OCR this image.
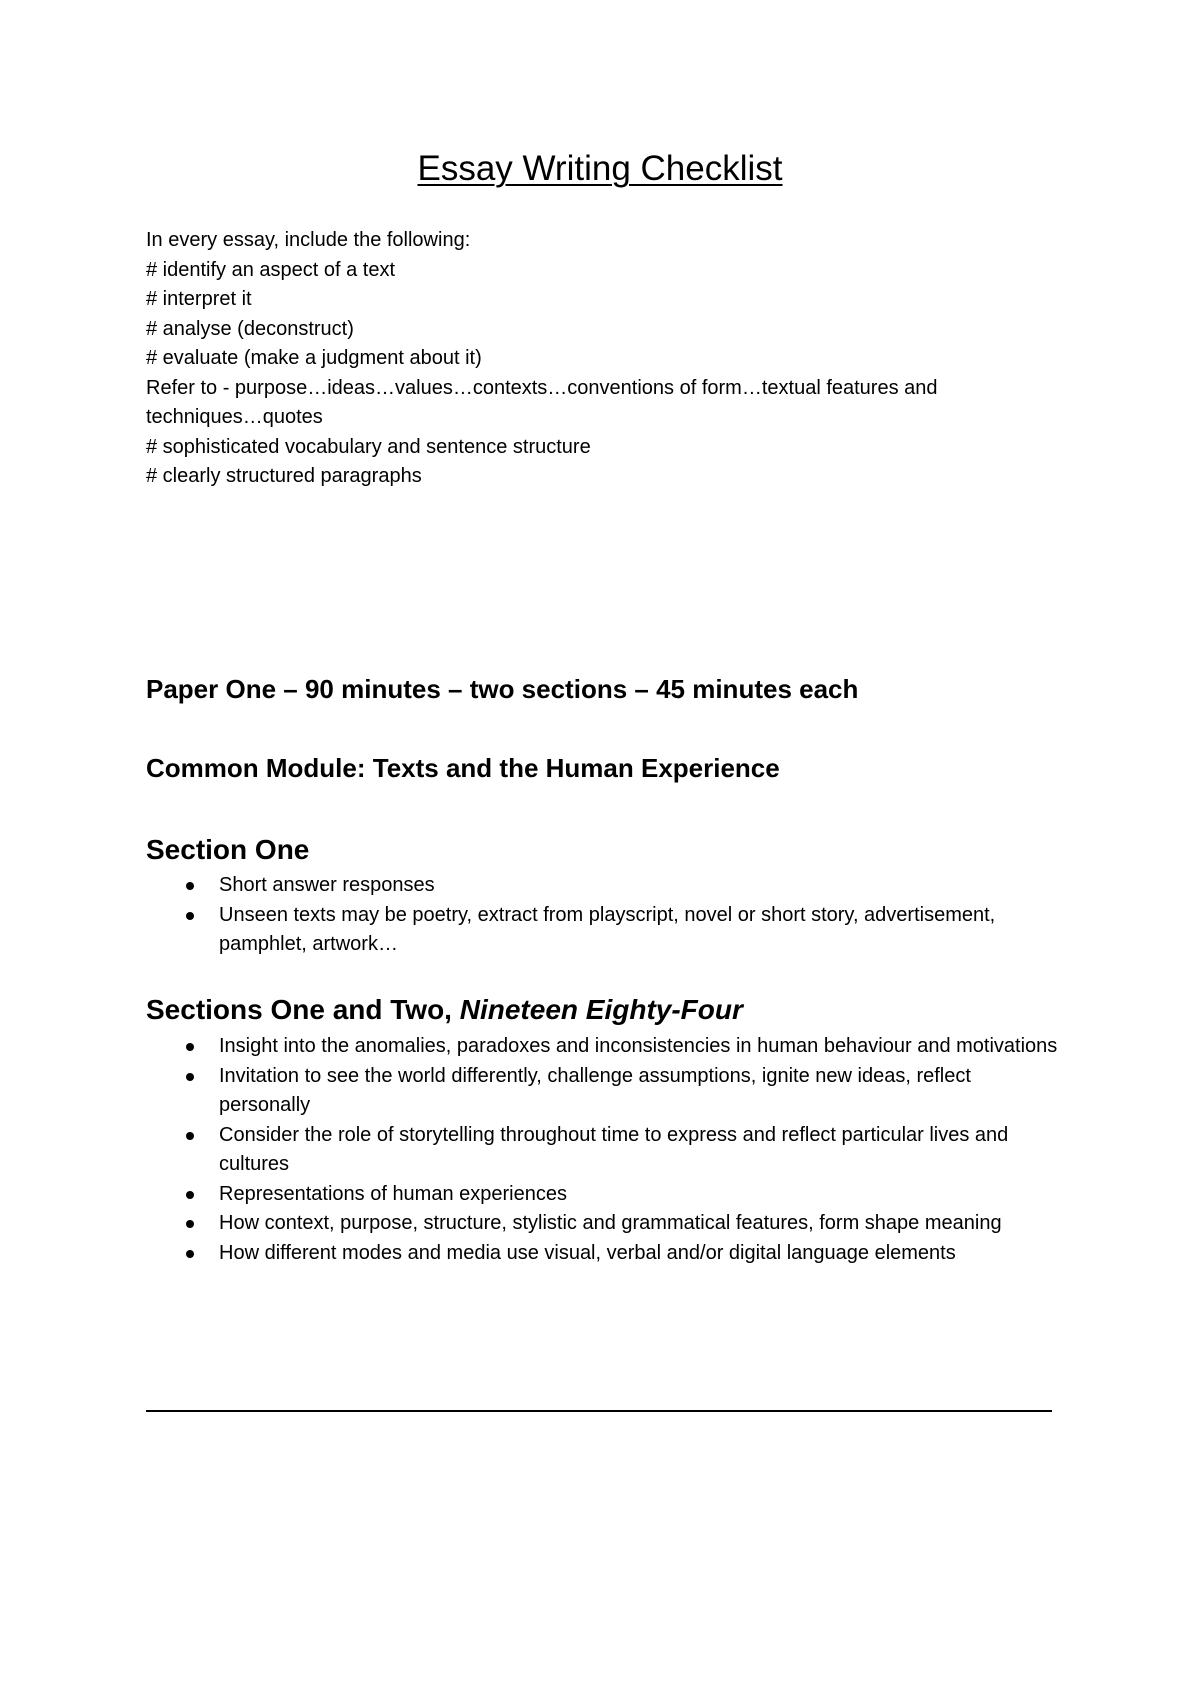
Essay Writing Checklist
In every essay, include the following:
# identify an aspect of a text
# interpret it
# analyse (deconstruct)
# evaluate (make a judgment about it)
Refer to - purpose…ideas…values…contexts…conventions of form…textual features and techniques…quotes
# sophisticated vocabulary and sentence structure
# clearly structured paragraphs
Paper One – 90 minutes – two sections – 45 minutes each
Common Module: Texts and the Human Experience
Section One
Short answer responses
Unseen texts may be poetry, extract from playscript, novel or short story, advertisement, pamphlet, artwork…
Sections One and Two, Nineteen Eighty-Four
Insight into the anomalies, paradoxes and inconsistencies in human behaviour and motivations
Invitation to see the world differently, challenge assumptions, ignite new ideas, reflect personally
Consider the role of storytelling throughout time to express and reflect particular lives and cultures
Representations of human experiences
How context, purpose, structure, stylistic and grammatical features, form shape meaning
How different modes and media use visual, verbal and/or digital language elements
